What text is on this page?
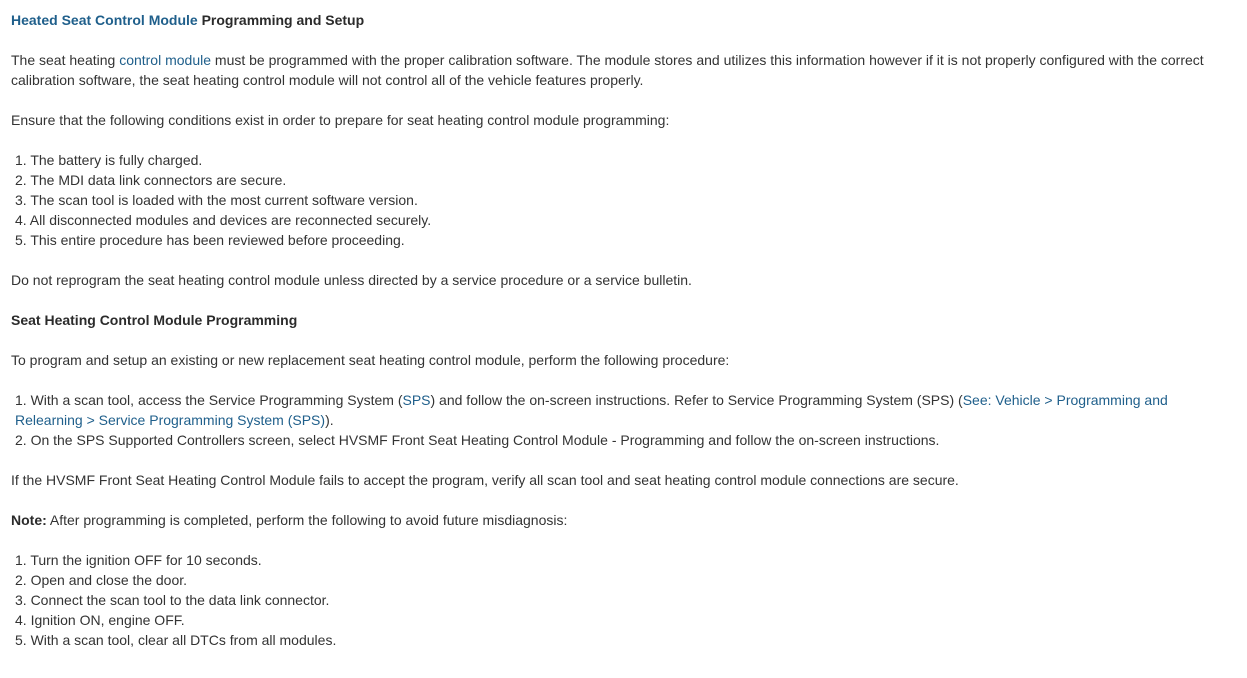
Heated Seat Control Module Programming and Setup

The seat heating control module must be programmed with the proper calibration software. The module stores and utilizes this information however if it is not properly configured with the correct calibration software, the seat heating control module will not control all of the vehicle features properly.

Ensure that the following conditions exist in order to prepare for seat heating control module programming:

1. The battery is fully charged.
2. The MDI data link connectors are secure.
3. The scan tool is loaded with the most current software version.
4. All disconnected modules and devices are reconnected securely.
5. This entire procedure has been reviewed before proceeding.

Do not reprogram the seat heating control module unless directed by a service procedure or a service bulletin.

Seat Heating Control Module Programming

To program and setup an existing or new replacement seat heating control module, perform the following procedure:

1. With a scan tool, access the Service Programming System (SPS) and follow the on-screen instructions. Refer to Service Programming System (SPS) (See: Vehicle > Programming and Relearning > Service Programming System (SPS)).
2. On the SPS Supported Controllers screen, select HVSMF Front Seat Heating Control Module - Programming and follow the on-screen instructions.

If the HVSMF Front Seat Heating Control Module fails to accept the program, verify all scan tool and seat heating control module connections are secure.

Note: After programming is completed, perform the following to avoid future misdiagnosis:

1. Turn the ignition OFF for 10 seconds.
2. Open and close the door.
3. Connect the scan tool to the data link connector.
4. Ignition ON, engine OFF.
5. With a scan tool, clear all DTCs from all modules.
